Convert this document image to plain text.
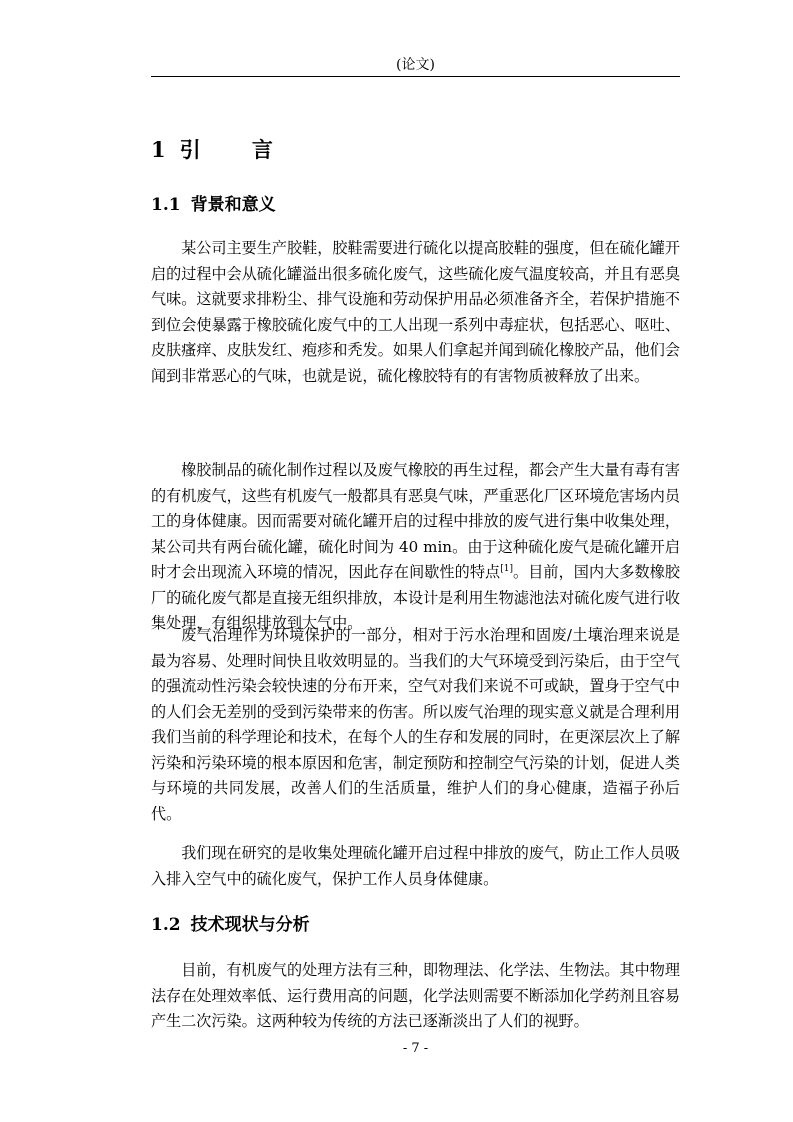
(论文)
1 引 言
1.1 背景和意义

某公司主要生产胶鞋，胶鞋需要进行硫化以提高胶鞋的强度，但在硫化罐开启的过程中会从硫化罐溢出很多硫化废气，这些硫化废气温度较高，并且有恶臭气味。这就要求排粉尘、排气设施和劳动保护用品必须准备齐全，若保护措施不到位会使暴露于橡胶硫化废气中的工人出现一系列中毒症状，包括恶心、呕吐、皮肤瘙痒、皮肤发红、疱疹和秃发。如果人们拿起并闻到硫化橡胶产品，他们会闻到非常恶心的气味，也就是说，硫化橡胶特有的有害物质被释放了出来。

橡胶制品的硫化制作过程以及废气橡胶的再生过程，都会产生大量有毒有害的有机废气，这些有机废气一般都具有恶臭气味，严重恶化厂区环境危害场内员工的身体健康。因而需要对硫化罐开启的过程中排放的废气进行集中收集处理，某公司共有两台硫化罐，硫化时间为 40 min。由于这种硫化废气是硫化罐开启时才会出现流入环境的情况，因此存在间歇性的特点[1]。目前，国内大多数橡胶厂的硫化废气都是直接无组织排放，本设计是利用生物滤池法对硫化废气进行收集处理，有组织排放到大气中。

废气治理作为环境保护的一部分，相对于污水治理和固废/土壤治理来说是最为容易、处理时间快且收效明显的。当我们的大气环境受到污染后，由于空气的强流动性污染会较快速的分布开来，空气对我们来说不可或缺，置身于空气中的人们会无差别的受到污染带来的伤害。所以废气治理的现实意义就是合理利用我们当前的科学理论和技术，在每个人的生存和发展的同时，在更深层次上了解污染和污染环境的根本原因和危害，制定预防和控制空气污染的计划，促进人类与环境的共同发展，改善人们的生活质量，维护人们的身心健康，造福子孙后代。

我们现在研究的是收集处理硫化罐开启过程中排放的废气，防止工作人员吸入排入空气中的硫化废气，保护工作人员身体健康。

1.2 技术现状与分析

目前，有机废气的处理方法有三种，即物理法、化学法、生物法。其中物理法存在处理效率低、运行费用高的问题，化学法则需要不断添加化学药剂且容易产生二次污染。这两种较为传统的方法已逐渐淡出了人们的视野。

- 7 -
